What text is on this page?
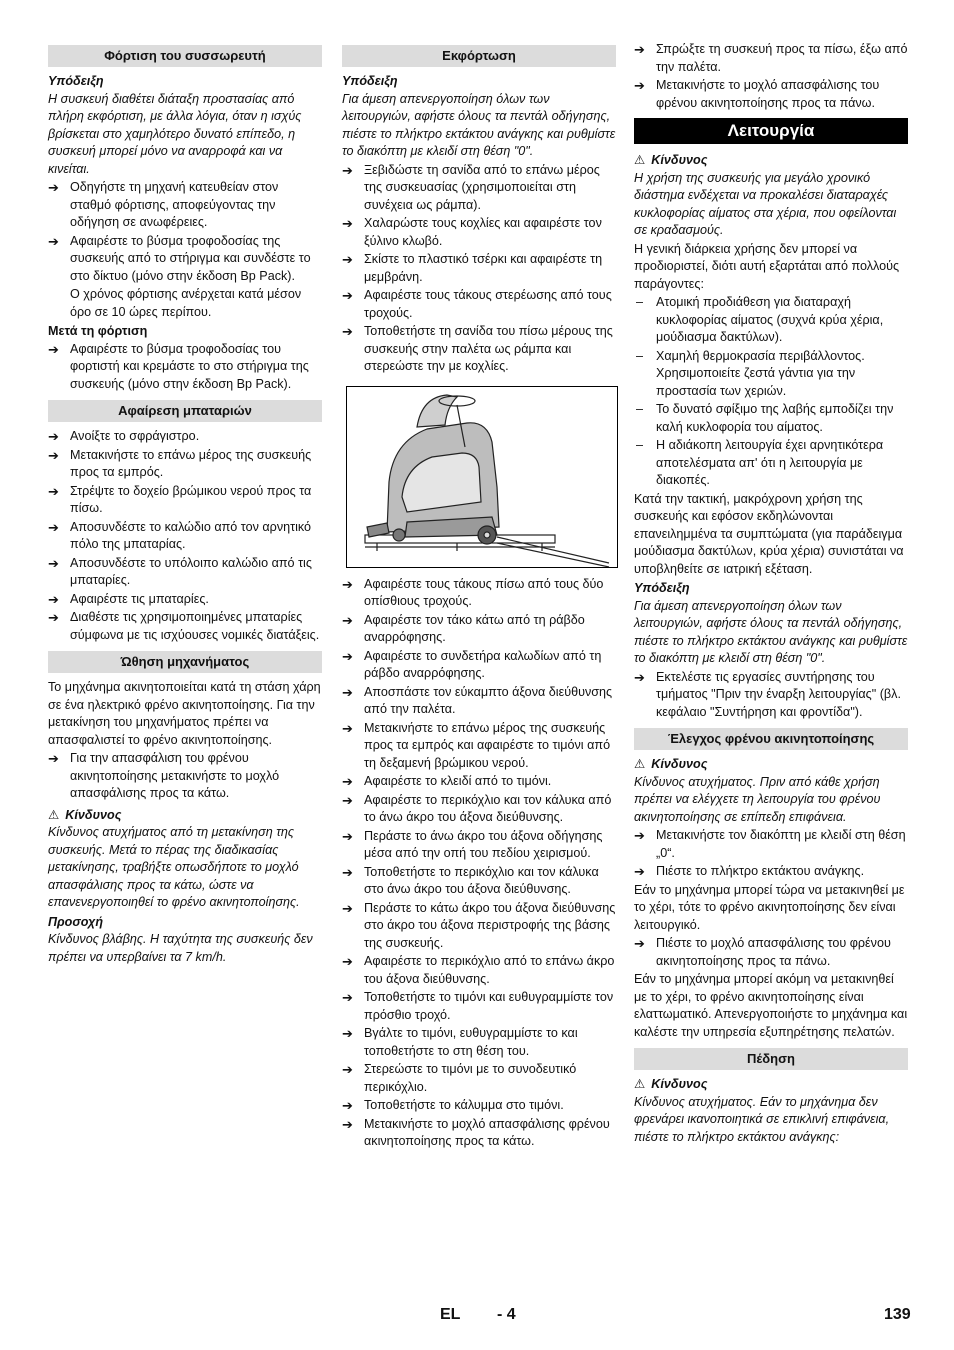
Φόρτιση του συσσωρευτή
Υπόδειξη

Η συσκευή διαθέτει διάταξη προστασίας από πλήρη εκφόρτιση, με άλλα λόγια, όταν η ισχύς βρίσκεται στο χαμηλότερο δυνατό επίπεδο, η συσκευή μπορεί μόνο να αναρροφά και να κινείται.

➔ Οδηγήστε τη μηχανή κατευθείαν στον σταθμό φόρτισης, αποφεύγοντας την οδήγηση σε ανωφέρειες.
➔ Αφαιρέστε το βύσμα τροφοδοσίας της συσκευής από το στήριγμα και συνδέστε το στο δίκτυο (μόνο στην έκδοση Bp Pack).

Ο χρόνος φόρτισης ανέρχεται κατά μέσον όρο σε 10 ώρες περίπου.

Μετά τη φόρτιση
➔ Αφαιρέστε το βύσμα τροφοδοσίας του φορτιστή και κρεμάστε το στο στήριγμα της συσκευής (μόνο στην έκδοση Bp Pack).
Αφαίρεση μπαταριών
➔ Ανοίξτε το σφράγιστρο.
➔ Μετακινήστε το επάνω μέρος της συσκευής προς τα εμπρός.
➔ Στρέψτε το δοχείο βρώμικου νερού προς τα πίσω.
➔ Αποσυνδέστε το καλώδιο από τον αρνητικό πόλο της μπαταρίας.
➔ Αποσυνδέστε το υπόλοιπο καλώδιο από τις μπαταρίες.
➔ Αφαιρέστε τις μπαταρίες.
➔ Διαθέστε τις χρησιμοποιημένες μπαταρίες σύμφωνα με τις ισχύουσες νομικές διατάξεις.
Ώθηση μηχανήματος

Το μηχάνημα ακινητοποιείται κατά τη στάση χάρη σε ένα ηλεκτρικό φρένο ακινητοποίησης. Για την μετακίνηση του μηχανήματος πρέπει να απασφαλιστεί το φρένο ακινητοποίησης.

➔ Για την απασφάλιση του φρένου ακινητοποίησης μετακινήστε το μοχλό απασφάλισης προς τα κάτω.
⚠ Κίνδυνος

Κίνδυνος ατυχήματος από τη μετακίνηση της συσκευής. Μετά το πέρας της διαδικασίας μετακίνησης, τραβήξτε οπωσδήποτε το μοχλό απασφάλισης προς τα κάτω, ώστε να επανενεργοποιηθεί το φρένο ακινητοποίησης.

Προσοχή

Κίνδυνος βλάβης. Η ταχύτητα της συσκευής δεν πρέπει να υπερβαίνει τα 7 km/h.

Εκφόρτωση
Υπόδειξη

Για άμεση απενεργοποίηση όλων των λειτουργιών, αφήστε όλους τα πεντάλ οδήγησης, πιέστε το πλήκτρο εκτάκτου ανάγκης και ρυθμίστε το διακόπτη με κλειδί στη θέση "0".

➔ Ξεβιδώστε τη σανίδα από το επάνω μέρος της συσκευασίας (χρησιμοποιείται στη συνέχεια ως ράμπα).
➔ Χαλαρώστε τους κοχλίες και αφαιρέστε τον ξύλινο κλωβό.
➔ Σκίστε το πλαστικό τσέρκι και αφαιρέστε τη μεμβράνη.
➔ Αφαιρέστε τους τάκους στερέωσης από τους τροχούς.
➔ Τοποθετήστε τη σανίδα του πίσω μέρους της συσκευής στην παλέτα ως ράμπα και στερεώστε την με κοχλίες.
➔ Αφαιρέστε τους τάκους πίσω από τους δύο οπίσθιους τροχούς.
➔ Αφαιρέστε τον τάκο κάτω από τη ράβδο αναρρόφησης.
➔ Αφαιρέστε το συνδετήρα καλωδίων από τη ράβδο αναρρόφησης.
➔ Αποσπάστε τον εύκαμπτο άξονα διεύθυνσης από την παλέτα.
➔ Μετακινήστε το επάνω μέρος της συσκευής προς τα εμπρός και αφαιρέστε το τιμόνι από τη δεξαμενή βρώμικου νερού.
➔ Αφαιρέστε το κλειδί από το τιμόνι.
➔ Αφαιρέστε το περικόχλιο και τον κάλυκα από το άνω άκρο του άξονα διεύθυνσης.
➔ Περάστε το άνω άκρο του άξονα οδήγησης μέσα από την οπή του πεδίου χειρισμού.
➔ Τοποθετήστε το περικόχλιο και τον κάλυκα στο άνω άκρο του άξονα διεύθυνσης.
➔ Περάστε το κάτω άκρο του άξονα διεύθυνσης στο άκρο του άξονα περιστροφής της βάσης της συσκευής.
➔ Αφαιρέστε το περικόχλιο από το επάνω άκρο του άξονα διεύθυνσης.
➔ Τοποθετήστε το τιμόνι και ευθυγραμμίστε τον πρόσθιο τροχό.
➔ Βγάλτε το τιμόνι, ευθυγραμμίστε το και τοποθετήστε το στη θέση του.
➔ Στερεώστε το τιμόνι με το συνοδευτικό περικόχλιο.
➔ Τοποθετήστε το κάλυμμα στο τιμόνι.
➔ Μετακινήστε το μοχλό απασφάλισης φρένου ακινητοποίησης προς τα κάτω.
➔ Σπρώξτε τη συσκευή προς τα πίσω, έξω από την παλέτα.
➔ Μετακινήστε το μοχλό απασφάλισης του φρένου ακινητοποίησης προς τα πάνω.
Λειτουργία
⚠ Κίνδυνος

Η χρήση της συσκευής για μεγάλο χρονικό διάστημα ενδέχεται να προκαλέσει διαταραχές κυκλοφορίας αίματος στα χέρια, που οφείλονται σε κραδασμούς.

Η γενική διάρκεια χρήσης δεν μπορεί να προδιοριστεί, διότι αυτή εξαρτάται από πολλούς παράγοντες:

– Ατομική προδιάθεση για διαταραχή κυκλοφορίας αίματος (συχνά κρύα χέρια, μούδιασμα δακτύλων).
– Χαμηλή θερμοκρασία περιβάλλοντος. Χρησιμοποιείτε ζεστά γάντια για την προστασία των χεριών.
– Το δυνατό σφίξιμο της λαβής εμποδίζει την καλή κυκλοφορία του αίματος.
– Η αδιάκοπη λειτουργία έχει αρνητικότερα αποτελέσματα απ' ότι η λειτουργία με διακοπές.

Κατά την τακτική, μακρόχρονη χρήση της συσκευής και εφόσον εκδηλώνονται επανειλημμένα τα συμπτώματα (για παράδειγμα μούδιασμα δακτύλων, κρύα χέρια) συνιστάται να υποβληθείτε σε ιατρική εξέταση.

Υπόδειξη

Για άμεση απενεργοποίηση όλων των λειτουργιών, αφήστε όλους τα πεντάλ οδήγησης, πιέστε το πλήκτρο εκτάκτου ανάγκης και ρυθμίστε το διακόπτη με κλειδί στη θέση "0".

➔ Εκτελέστε τις εργασίες συντήρησης του τμήματος "Πριν την έναρξη λειτουργίας" (βλ. κεφάλαιο "Συντήρηση και φροντίδα").
Έλεγχος φρένου ακινητοποίησης
⚠ Κίνδυνος

Κίνδυνος ατυχήματος. Πριν από κάθε χρήση πρέπει να ελέγχετε τη λειτουργία του φρένου ακινητοποίησης σε επίπεδη επιφάνεια.

➔ Μετακινήστε τον διακόπτη με κλειδί στη θέση „0“.
➔ Πιέστε το πλήκτρο εκτάκτου ανάγκης.

Εάν το μηχάνημα μπορεί τώρα να μετακινηθεί με το χέρι, τότε το φρένο ακινητοποίησης δεν είναι λειτουργικό.

➔ Πιέστε το μοχλό απασφάλισης του φρένου ακινητοποίησης προς τα πάνω.

Εάν το μηχάνημα μπορεί ακόμη να μετακινηθεί με το χέρι, το φρένο ακινητοποίησης είναι ελαττωματικό. Απενεργοποιήστε το μηχάνημα και καλέστε την υπηρεσία εξυπηρέτησης πελατών.

Πέδηση
⚠ Κίνδυνος

Κίνδυνος ατυχήματος. Εάν το μηχάνημα δεν φρενάρει ικανοποιητικά σε επικλινή επιφάνεια, πιέστε το πλήκτρο εκτάκτου ανάγκης:

EL - 4	139
